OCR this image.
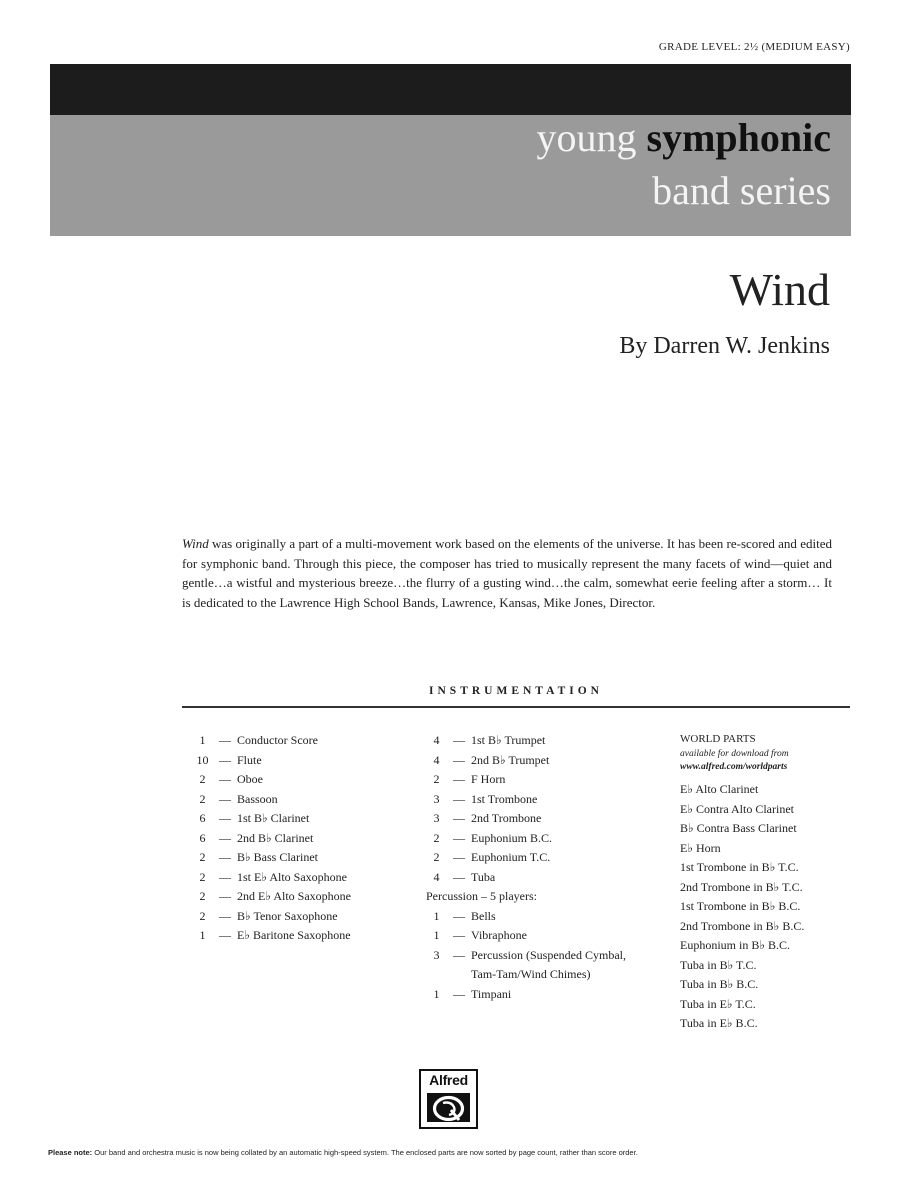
GRADE LEVEL: 2½ (MEDIUM EASY)
young symphonic
band series
Wind
By Darren W. Jenkins
Wind was originally a part of a multi-movement work based on the elements of the universe. It has been re-scored and edited for symphonic band. Through this piece, the composer has tried to musically represent the many facets of wind—quiet and gentle…a wistful and mysterious breeze…the flurry of a gusting wind…the calm, somewhat eerie feeling after a storm… It is dedicated to the Lawrence High School Bands, Lawrence, Kansas, Mike Jones, Director.
INSTRUMENTATION
1	— Conductor Score
10 — Flute
2	— Oboe
2	— Bassoon
6	— 1st B♭ Clarinet
6	— 2nd B♭ Clarinet
2	— B♭ Bass Clarinet
2	— 1st E♭ Alto Saxophone
2	— 2nd E♭ Alto Saxophone
2	— B♭ Tenor Saxophone
1	— E♭ Baritone Saxophone
4	— 1st B♭ Trumpet
4	— 2nd B♭ Trumpet
2	— F Horn
3	— 1st Trombone
3	— 2nd Trombone
2	— Euphonium B.C.
2	— Euphonium T.C.
4	— Tuba
Percussion – 5 players:
1	— Bells
1	— Vibraphone
3	— Percussion (Suspended Cymbal,
Tam-Tam/Wind Chimes)
1	— Timpani
WORLD PARTS
available for download from
www.alfred.com/worldparts
E♭ Alto Clarinet
E♭ Contra Alto Clarinet
B♭ Contra Bass Clarinet
E♭ Horn
1st Trombone in B♭ T.C.
2nd Trombone in B♭ T.C.
1st Trombone in B♭ B.C.
2nd Trombone in B♭ B.C.
Euphonium in B♭ B.C.
Tuba in B♭ T.C.
Tuba in B♭ B.C.
Tuba in E♭ T.C.
Tuba in E♭ B.C.
Alfred
Please note: Our band and orchestra music is now being collated by an automatic high-speed system. The enclosed parts are now sorted by page count, rather than score order.
